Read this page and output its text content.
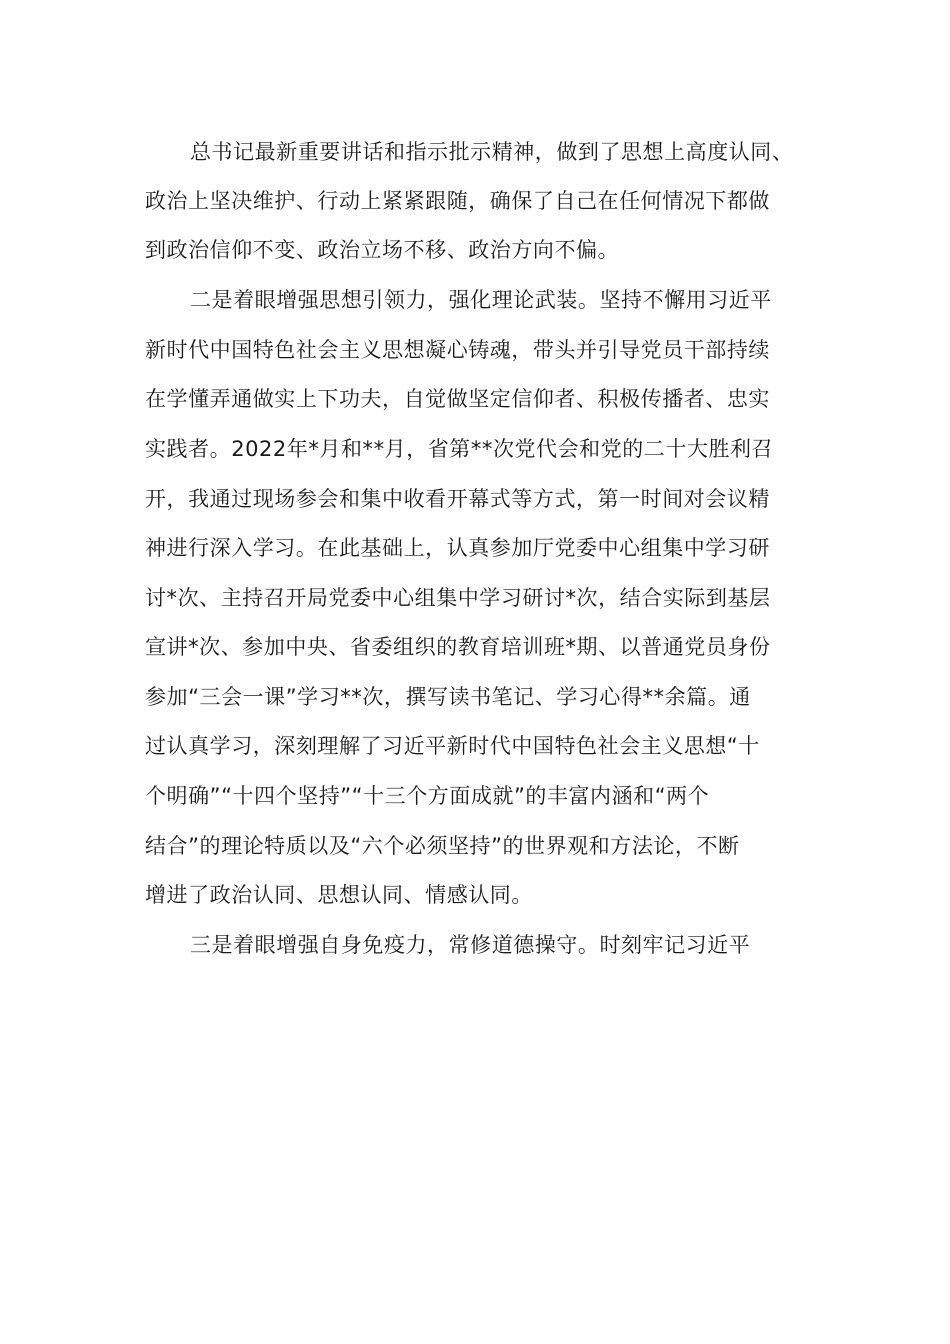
总书记最新重要讲话和指示批示精神，做到了思想上高度认同、
政治上坚决维护、行动上紧紧跟随，确保了自己在任何情况下都做
到政治信仰不变、政治立场不移、政治方向不偏。
二是着眼增强思想引领力，强化理论武装。坚持不懈用习近平
新时代中国特色社会主义思想凝心铸魂，带头并引导党员干部持续
在学懂弄通做实上下功夫，自觉做坚定信仰者、积极传播者、忠实
实践者。2022年*月和**月，省第**次党代会和党的二十大胜利召
开，我通过现场参会和集中收看开幕式等方式，第一时间对会议精
神进行深入学习。在此基础上，认真参加厅党委中心组集中学习研
讨*次、主持召开局党委中心组集中学习研讨*次，结合实际到基层
宣讲*次、参加中央、省委组织的教育培训班*期、以普通党员身份
参加“三会一课”学习**次，撰写读书笔记、学习心得**余篇。通
过认真学习，深刻理解了习近平新时代中国特色社会主义思想“十
个明确”“十四个坚持”“十三个方面成就”的丰富内涵和“两个
结合”的理论特质以及“六个必须坚持”的世界观和方法论，不断
增进了政治认同、思想认同、情感认同。
三是着眼增强自身免疫力，常修道德操守。时刻牢记习近平
